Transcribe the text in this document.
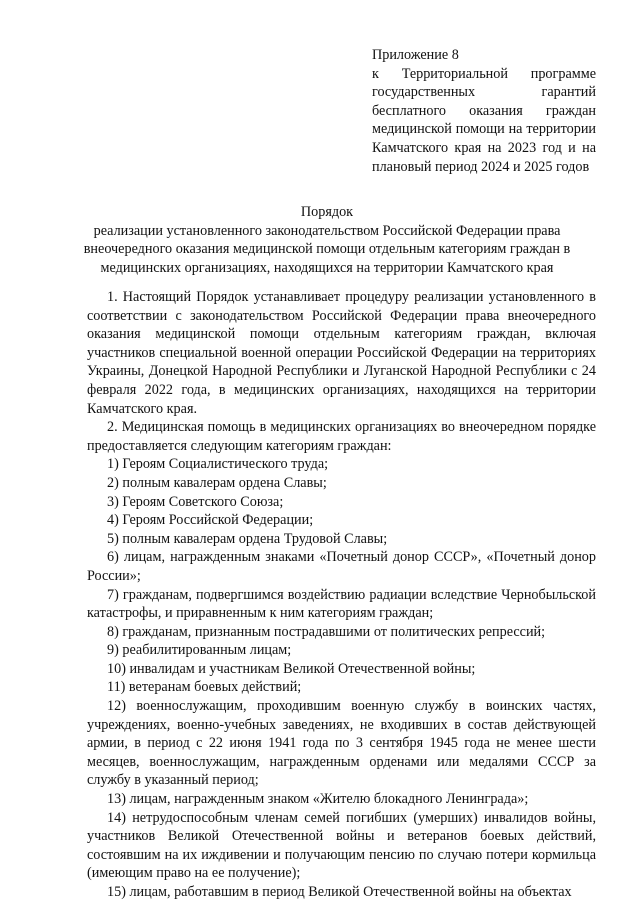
Приложение 8
к Территориальной программе государственных гарантий бесплатного оказания граждан медицинской помощи на территории Камчатского края на 2023 год и на плановый период 2024 и 2025 годов
Порядок
реализации установленного законодательством Российской Федерации права внеочередного оказания медицинской помощи отдельным категориям граждан в медицинских организациях, находящихся на территории Камчатского края

1. Настоящий Порядок устанавливает процедуру реализации установленного в соответствии с законодательством Российской Федерации права внеочередного оказания медицинской помощи отдельным категориям граждан, включая участников специальной военной операции Российской Федерации на территориях Украины, Донецкой Народной Республики и Луганской Народной Республики с 24 февраля 2022 года, в медицинских организациях, находящихся на территории Камчатского края.

2. Медицинская помощь в медицинских организациях во внеочередном порядке предоставляется следующим категориям граждан:

1) Героям Социалистического труда;

2) полным кавалерам ордена Славы;

3) Героям Советского Союза;

4) Героям Российской Федерации;

5) полным кавалерам ордена Трудовой Славы;

6) лицам, награжденным знаками «Почетный донор СССР», «Почетный донор России»;

7) гражданам, подвергшимся воздействию радиации вследствие Чернобыльской катастрофы, и приравненным к ним категориям граждан;

8) гражданам, признанным пострадавшими от политических репрессий;

9) реабилитированным лицам;

10) инвалидам и участникам Великой Отечественной войны;

11) ветеранам боевых действий;

12) военнослужащим, проходившим военную службу в воинских частях, учреждениях, военно-учебных заведениях, не входивших в состав действующей армии, в период с 22 июня 1941 года по 3 сентября 1945 года не менее шести месяцев, военнослужащим, награжденным орденами или медалями СССР за службу в указанный период;

13) лицам, награжденным знаком «Жителю блокадного Ленинграда»;

14) нетрудоспособным членам семей погибших (умерших) инвалидов войны, участников Великой Отечественной войны и ветеранов боевых действий, состоявшим на их иждивении и получающим пенсию по случаю потери кормильца (имеющим право на ее получение);

15) лицам, работавшим в период Великой Отечественной войны на объектах
